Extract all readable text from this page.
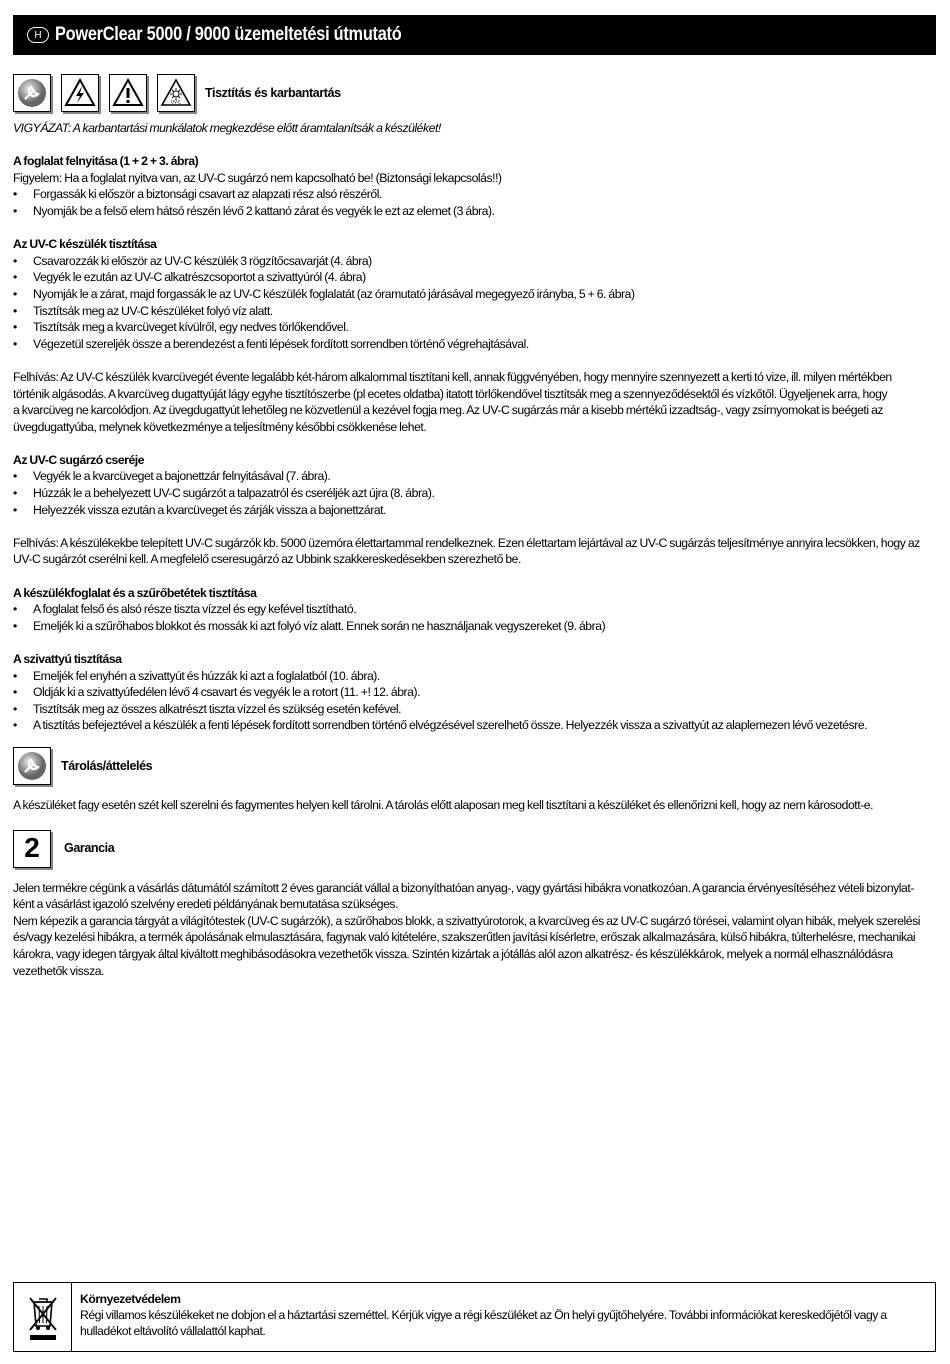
H PowerClear 5000 / 9000 üzemeltetési útmutató
UV-C
Tisztítás és karbantartás
VIGYÁZAT: A karbantartási munkálatok megkezdése előtt áramtalanítsák a készüléket!
A foglalat felnyitása (1 + 2 + 3. ábra)
Figyelem: Ha a foglalat nyitva van, az UV-C sugárzó nem kapcsolható be! (Biztonsági lekapcsolás!!)
•	Forgassák ki először a biztonsági csavart az alapzati rész alsó részéről.
•	Nyomják be a felső elem hátsó részén lévő 2 kattanó zárat és vegyék le ezt az elemet (3 ábra).
Az UV-C készülék tisztítása
•	Csavarozzák ki először az UV-C készülék 3 rögzítőcsavarját (4. ábra)
•	Vegyék le ezután az UV-C alkatrészcsoportot a szivattyúról (4. ábra)
•	Nyomják le a zárat, majd forgassák le az UV-C készülék foglalatát (az óramutató járásával megegyező irányba, 5 + 6. ábra)
•	Tisztítsák meg az UV-C készüléket folyó víz alatt.
•	Tisztítsák meg a kvarcüveget kívülről, egy nedves törlőkendővel.
•	Végezetül szereljék össze a berendezést a fenti lépések fordított sorrendben történő végrehajtásával.
Felhívás: Az UV-C készülék kvarcüvegét évente legalább két-három alkalommal tisztítani kell, annak függvényében, hogy mennyire szennyezett a kerti tó vize, ill. milyen mértékben
történik algásodás. A kvarcüveg dugattyúját lágy egyhe tisztítószerbe (pl ecetes oldatba) itatott törlőkendővel tisztítsák meg a szennyeződésektől és vízkőtől. Ügyeljenek arra, hogy
a kvarcüveg ne karcolódjon. Az üvegdugattyút lehetőleg ne közvetlenül a kezével fogja meg. Az UV-C sugárzás már a kisebb mértékű izzadtság-, vagy zsírnyomokat is beégeti az
üvegdugattyúba, melynek következménye a teljesítmény későbbi csökkenése lehet.
Az UV-C sugárzó cseréje
•	Vegyék le a kvarcüveget a bajonettzár felnyitásával (7. ábra).
•	Húzzák le a behelyezett UV-C sugárzót a talpazatról és cseréljék azt újra (8. ábra).
•	Helyezzék vissza ezután a kvarcüveget és zárják vissza a bajonettzárat.
Felhívás: A készülékekbe telepített UV-C sugárzók kb. 5000 üzemóra élettartammal rendelkeznek. Ezen élettartam lejártával az UV-C sugárzás teljesítménye annyira lecsökken, hogy az
UV-C sugárzót cserélni kell. A megfelelő cseresugárzó az Ubbink szakkereskedésekben szerezhető be.
A készülékfoglalat és a szűrőbetétek tisztítása
•	A foglalat felső és alsó része tiszta vízzel és egy kefével tisztítható.
•	Emeljék ki a szűrőhabos blokkot és mossák ki azt folyó víz alatt. Ennek során ne használjanak vegyszereket (9. ábra)
A szivattyú tisztítása
•	Emeljék fel enyhén a szivattyút és húzzák ki azt a foglalatból (10. ábra).
•	Oldják ki a szivattyúfedélen lévő 4 csavart és vegyék le a rotort (11. +! 12. ábra).
•	Tisztítsák meg az összes alkatrészt tiszta vízzel és szükség esetén kefével.
•	A tisztítás befejeztével a készülék a fenti lépések fordított sorrendben történő elvégzésével szerelhető össze. Helyezzék vissza a szivattyút az alaplemezen lévő vezetésre.
Tárolás/áttelelés
A készüléket fagy esetén szét kell szerelni és fagymentes helyen kell tárolni. A tárolás előtt alaposan meg kell tisztítani a készüléket és ellenőrizni kell, hogy az nem károsodott-e.
2	Garancia
Jelen termékre cégünk a vásárlás dátumától számított 2 éves garanciát vállal a bizonyíthatóan anyag-, vagy gyártási hibákra vonatkozóan. A garancia érvényesítéséhez vételi bizonylat-
ként a vásárlást igazoló szelvény eredeti példányának bemutatása szükséges.
Nem képezik a garancia tárgyát a világítótestek (UV-C sugárzók), a szűrőhabos blokk, a szivattyúrotorok, a kvarcüveg és az UV-C sugárzó törései, valamint olyan hibák, melyek szerelési
és/vagy kezelési hibákra, a termék ápolásának elmulasztására, fagynak való kitételére, szakszerűtlen javítási kísérletre, erőszak alkalmazására, külső hibákra, túlterhelésre, mechanikai
károkra, vagy idegen tárgyak által kiváltott meghibásodásokra vezethetők vissza. Szintén kizártak a jótállás alól azon alkatrész- és készülékkárok, melyek a normál elhasználódásra
vezethetők vissza.
Környezetvédelem
Régi villamos készülékeket ne dobjon el a háztartási szeméttel. Kérjük vigye a régi készüléket az Ön helyi gyűjtőhelyére. További információkat kereskedőjétől vagy a
hulladékot eltávolító vállalattól kaphat.
